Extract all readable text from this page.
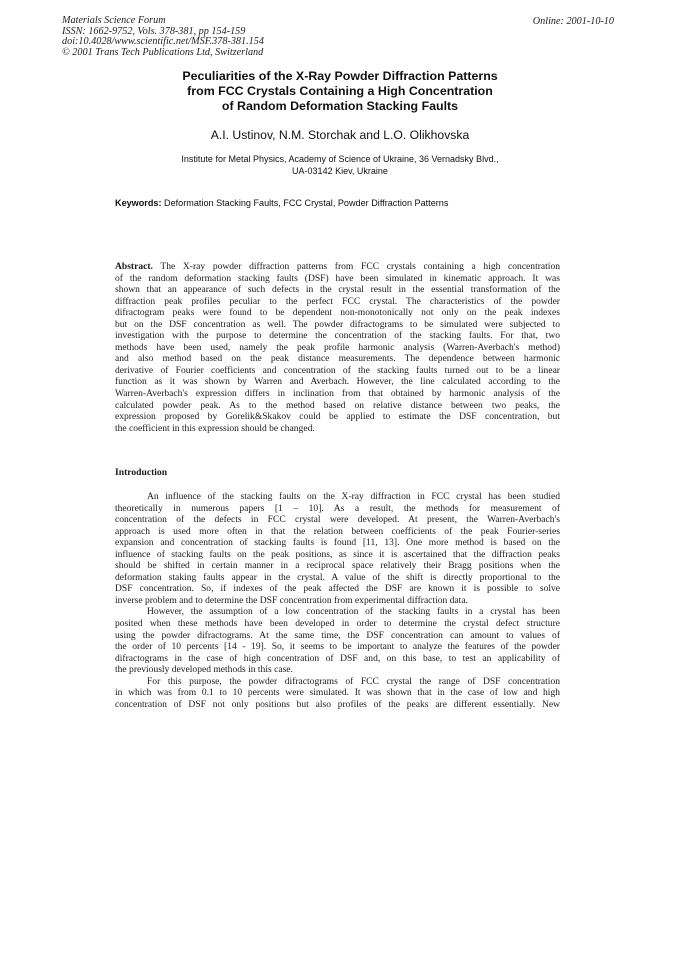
Materials Science Forum
ISSN: 1662-9752, Vols. 378-381, pp 154-159
doi:10.4028/www.scientific.net/MSF.378-381.154
© 2001 Trans Tech Publications Ltd, Switzerland
Online: 2001-10-10
Peculiarities of the X-Ray Powder Diffraction Patterns
from FCC Crystals Containing a High Concentration
of Random Deformation Stacking Faults
A.I. Ustinov, N.M. Storchak and L.O. Olikhovska
Institute for Metal Physics, Academy of Science of Ukraine, 36 Vernadsky Blvd.,
UA-03142 Kiev, Ukraine
Keywords: Deformation Stacking Faults, FCC Crystal, Powder Diffraction Patterns
Abstract. The X-ray powder diffraction patterns from FCC crystals containing a high concentration
of the random deformation stacking faults (DSF) have been simulated in kinematic approach. It was
shown that an appearance of such defects in the crystal result in the essential transformation of the
diffraction peak profiles peculiar to the perfect FCC crystal. The characteristics of the powder
difractogram peaks were found to be dependent non-monotonically not only on the peak indexes
but on the DSF concentration as well. The powder difractograms to be simulated were subjected to
investigation with the purpose to determine the concentration of the stacking faults. For that, two
methods have been used, namely the peak profile harmonic analysis (Warren-Averbach's method)
and also method based on the peak distance measurements. The dependence between harmonic
derivative of Fourier coefficients and concentration of the stacking faults turned out to be a linear
function as it was shown by Warren and Averbach. However, the line calculated according to the
Warren-Averbach's expression differs in inclination from that obtained by harmonic analysis of the
calculated powder peak. As to the method based on relative distance between two peaks, the
expression proposed by Gorelik&Skakov could be applied to estimate the DSF concentration, but
the coefficient in this expression should be changed.
Introduction
An influence of the stacking faults on the X-ray diffraction in FCC crystal has been studied
theoretically in numerous papers [1 – 10]. As a result, the methods for measurement of
concentration of the defects in FCC crystal were developed. At present, the Warren-Averbach's
approach is used more often in that the relation between coefficients of the peak Fourier-series
expansion and concentration of stacking faults is found [11, 13]. One more method is based on the
influence of stacking faults on the peak positions, as since it is ascertained that the diffraction peaks
should be shifted in certain manner in a reciprocal space relatively their Bragg positions when the
deformation staking faults appear in the crystal. A value of the shift is directly proportional to the
DSF concentration. So, if indexes of the peak affected the DSF are known it is possible to solve
inverse problem and to determine the DSF concentration from experimental diffraction data.
However, the assumption of a low concentration of the stacking faults in a crystal has been
posited when these methods have been developed in order to determine the crystal defect structure
using the powder difractograms. At the same time, the DSF concentration can amount to values of
the order of 10 percents [14 - 19]. So, it seems to be important to analyze the features of the powder
difractograms in the case of high concentration of DSF and, on this base, to test an applicability of
the previously developed methods in this case.
For this purpose, the powder difractograms of FCC crystal the range of DSF concentration
in which was from 0.1 to 10 percents were simulated. It was shown that in the case of low and high
concentration of DSF not only positions but also profiles of the peaks are different essentially. New
